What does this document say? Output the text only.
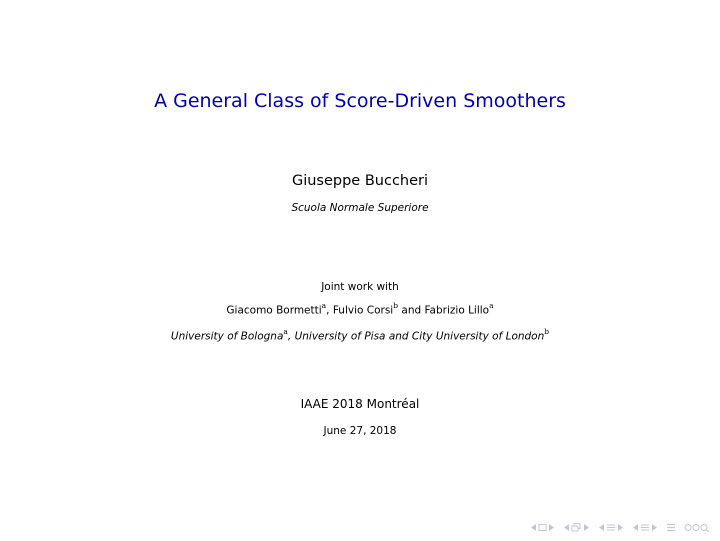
A General Class of Score-Driven Smoothers
Giuseppe Buccheri
Scuola Normale Superiore
Joint work with
Giacomo Bormetti$^a$, Fulvio Corsi$^b$ and Fabrizio Lillo$^a$
University of Bologna$^a$, University of Pisa and City University of London$^b$
IAAE 2018 Montréal
June 27, 2018
